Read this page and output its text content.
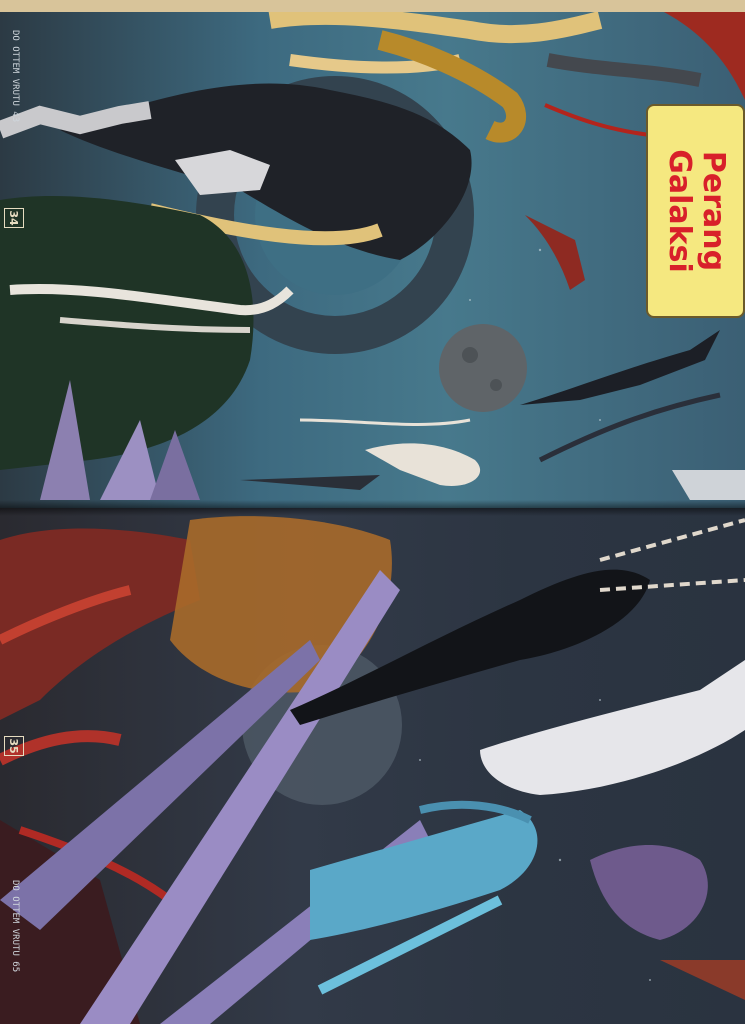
Perang
Galaksi
34
35
DO OTTEM VRUTU 43
DO OTTEM VRUTU 65
